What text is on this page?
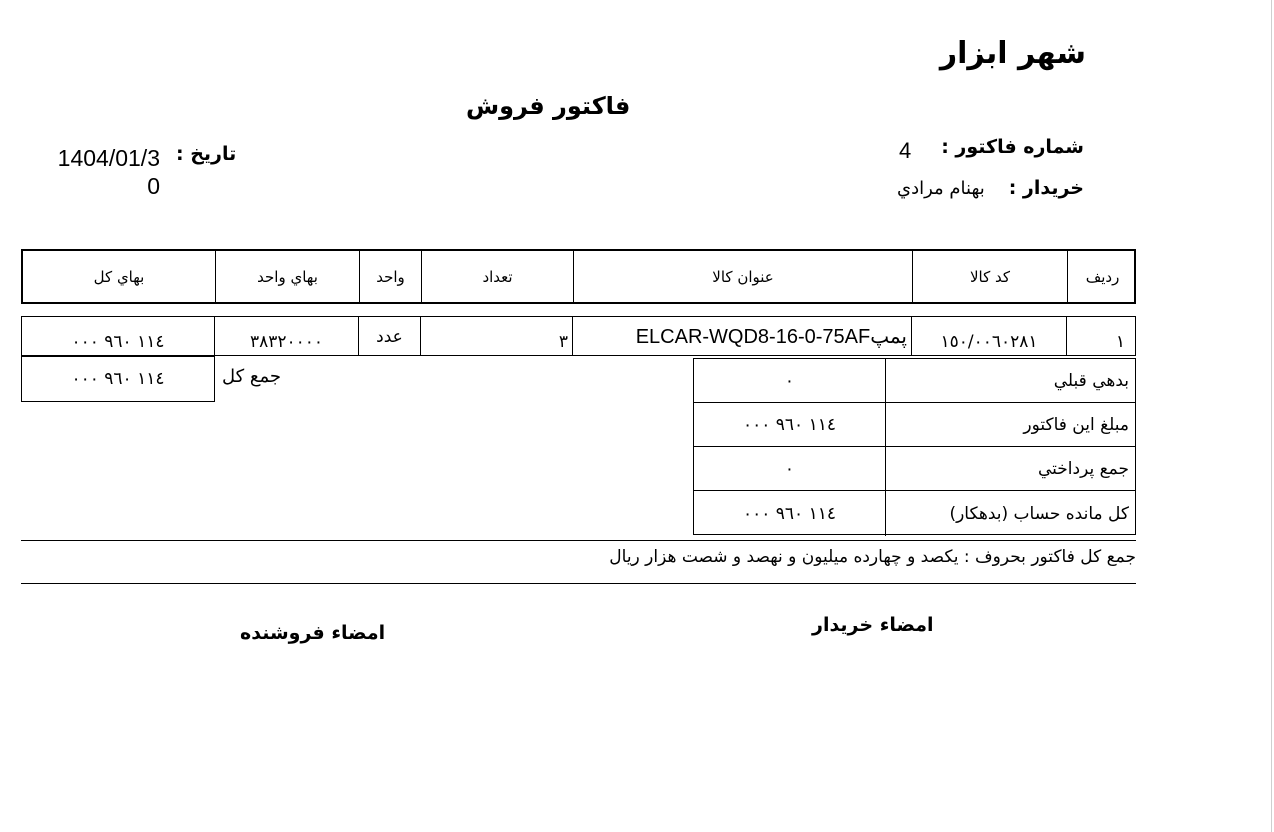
شهر ابزار
فاکتور فروش
شماره فاکتور :
4
خریدار :
بهنام مرادي
تاریخ :
1404/01/3
0
رديف
كد كالا
عنوان كالا
تعداد
واحد
بهاي واحد
بهاي كل
١
١٥٠/٠٠٦٠٢٨١
ELCAR-WQD8-16-0-75AFپمپ
٣
عدد
٣٨٣٢٠٠٠٠
١١٤ ٩٦٠ ٠٠٠
١١٤ ٩٦٠ ٠٠٠	جمع كل	بدهي قبلي
٠
مبلغ اين فاكتور
١١٤ ٩٦٠ ٠٠٠
جمع پرداختي
٠
كل مانده حساب (بدهكار)
١١٤ ٩٦٠ ٠٠٠
جمع كل فاكتور بحروف : يكصد و چهارده ميليون و نهصد و شصت هزار ريال
امضاء خریدار
امضاء فروشنده
